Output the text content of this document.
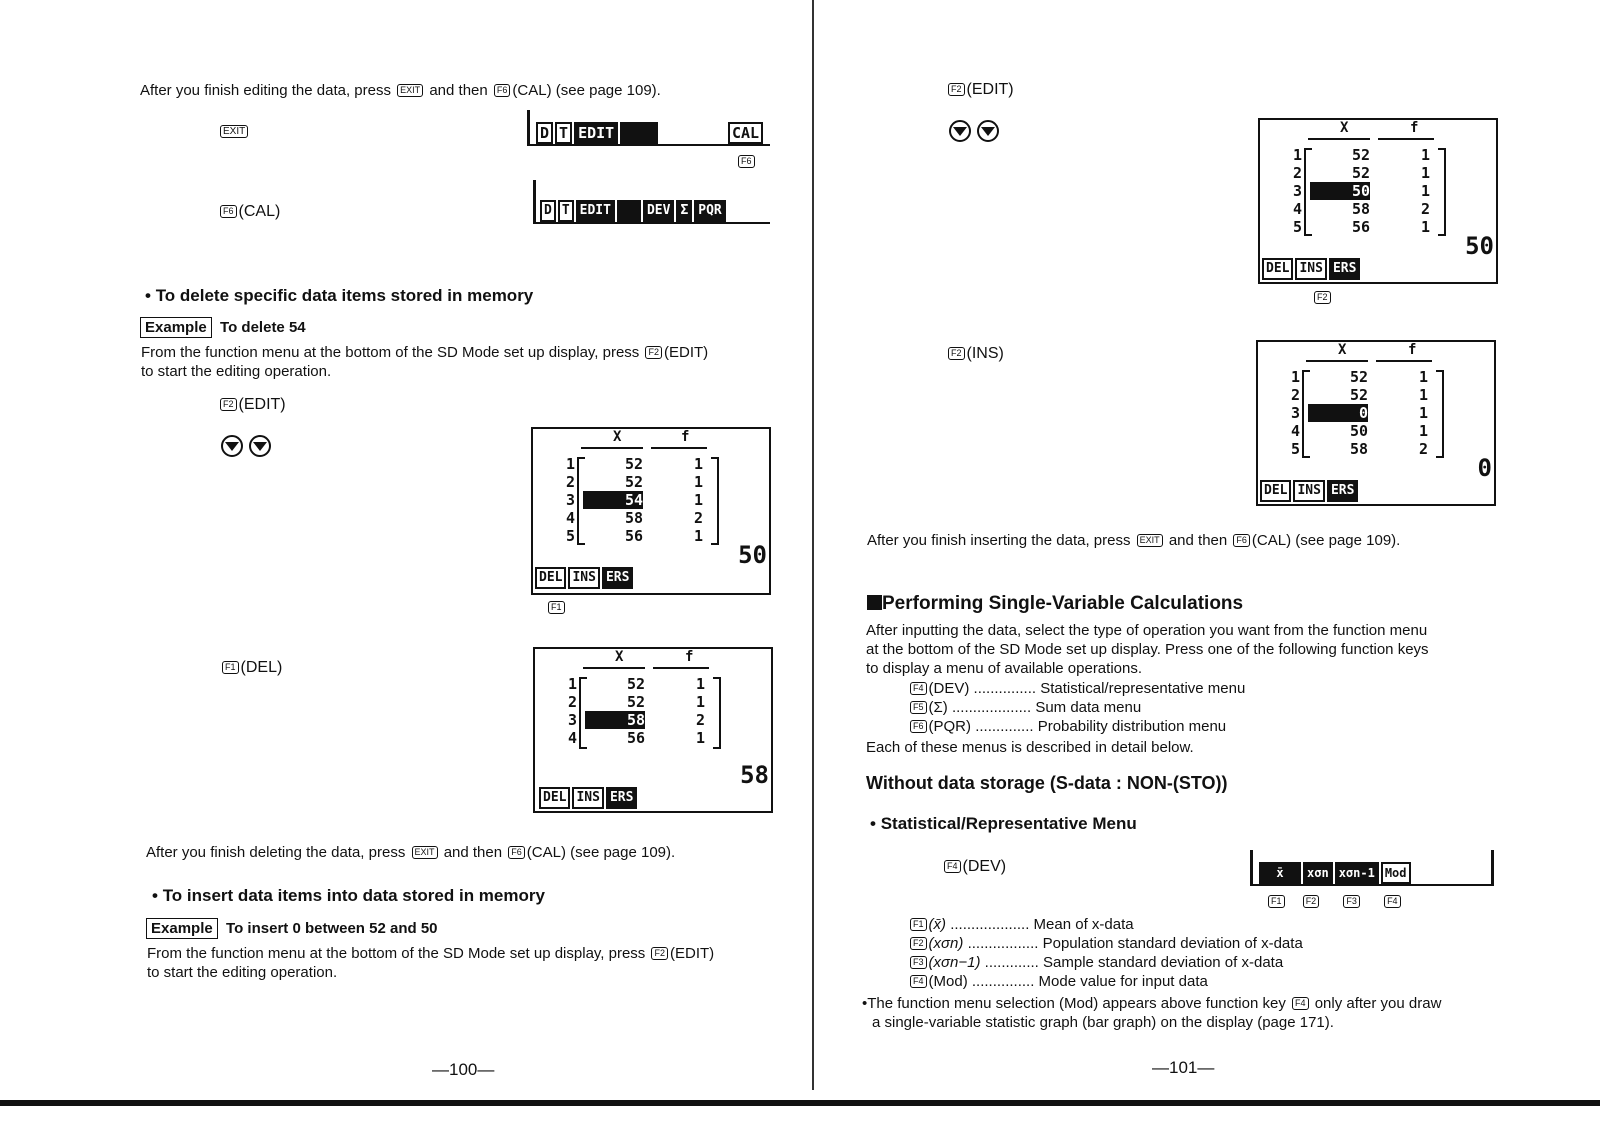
After you finish editing the data, press EXIT and then F6 (CAL) (see page 109).
EXIT	D T EDIT	CAL
F6
F6 (CAL)	D T EDIT	DEV Σ PQR
• To delete specific data items stored in memory
Example To delete 54
From the function menu at the bottom of the SD Mode set up display, press F2 (EDIT)
to start the editing operation.
F2 (EDIT)
X	f
1	52	1
2	52	1
3	54	1
4	58	2
5	56	1
50
DEL INS ERS
F1
F1 (DEL)
X	f
1	52	1
2	52	1
3	58	2
4	56	1
58
DEL INS ERS
After you finish deleting the data, press EXIT and then F6 (CAL) (see page 109).
• To insert data items into data stored in memory
Example To insert 0 between 52 and 50
From the function menu at the bottom of the SD Mode set up display, press F2 (EDIT)
to start the editing operation.
—100—
F2 (EDIT)
X	f
1	52	1
2	52	1
3	50	1
4	58	2
5	56	1
50
DEL INS ERS
F2
F2 (INS)	X	f
1	52	1
2	52	1
3	0	1
4	50	1
5	58	2
0
DEL INS ERS
After you finish inserting the data, press EXIT and then F6 (CAL) (see page 109).
Performing Single-Variable Calculations
After inputting the data, select the type of operation you want from the function menu
at the bottom of the SD Mode set up display. Press one of the following function keys
to display a menu of available operations.
F4 (DEV) ............... Statistical/representative menu
F5 (Σ) ................... Sum data menu
F6 (PQR) .............. Probability distribution menu
Each of these menus is described in detail below.
Without data storage (S-data : NON-(STO))
• Statistical/Representative Menu
F4 (DEV)	x̄	xσn xσn-1 Mod
F1	F2	F3	F4
F1 (x̄) ................... Mean of x-data
F2 (xσn) ................. Population standard deviation of x-data
F3 (xσn−1) ............. Sample standard deviation of x-data
F4 (Mod) ............... Mode value for input data
•The function menu selection (Mod) appears above function key F4 only after you draw
a single-variable statistic graph (bar graph) on the display (page 171).
—101—
